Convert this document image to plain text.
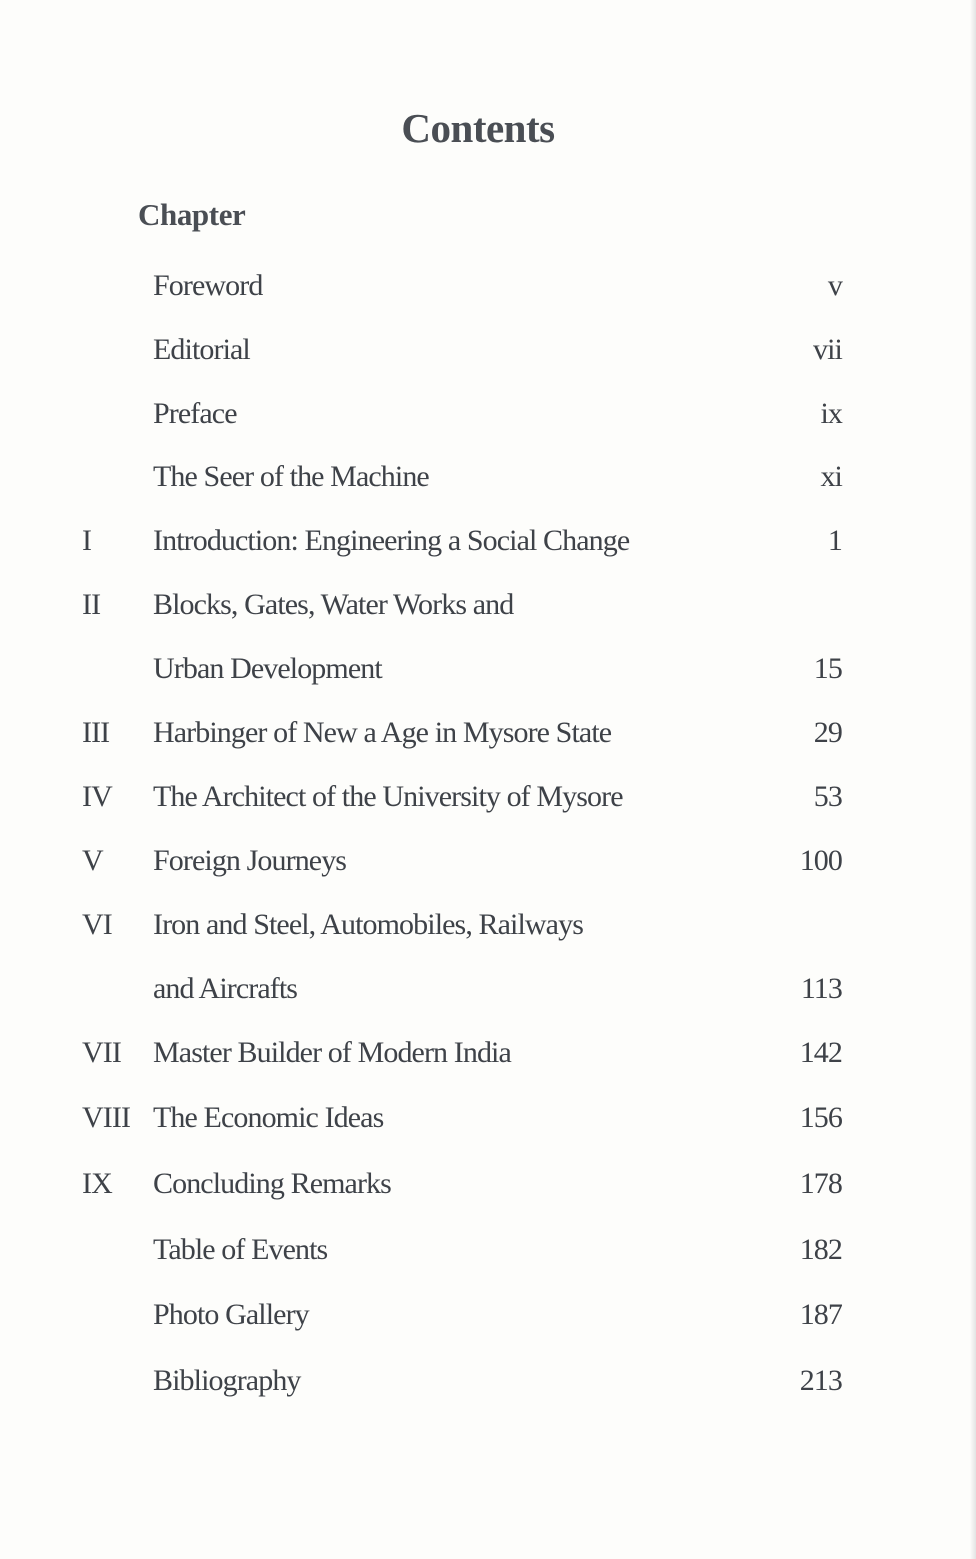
Contents
Chapter
Foreword	v
Editorial	vii
Preface	ix
The Seer of the Machine	xi
I Introduction: Engineering a Social Change	1
II Blocks, Gates, Water Works and
Urban Development	15
III Harbinger of New a Age in Mysore State	29
IV The Architect of the University of Mysore	53
V Foreign Journeys	100
VI Iron and Steel, Automobiles, Railways
and Aircrafts	113
VII Master Builder of Modern India	142
VIII The Economic Ideas	156
IX Concluding Remarks	178
Table of Events	182
Photo Gallery	187
Bibliography	213
